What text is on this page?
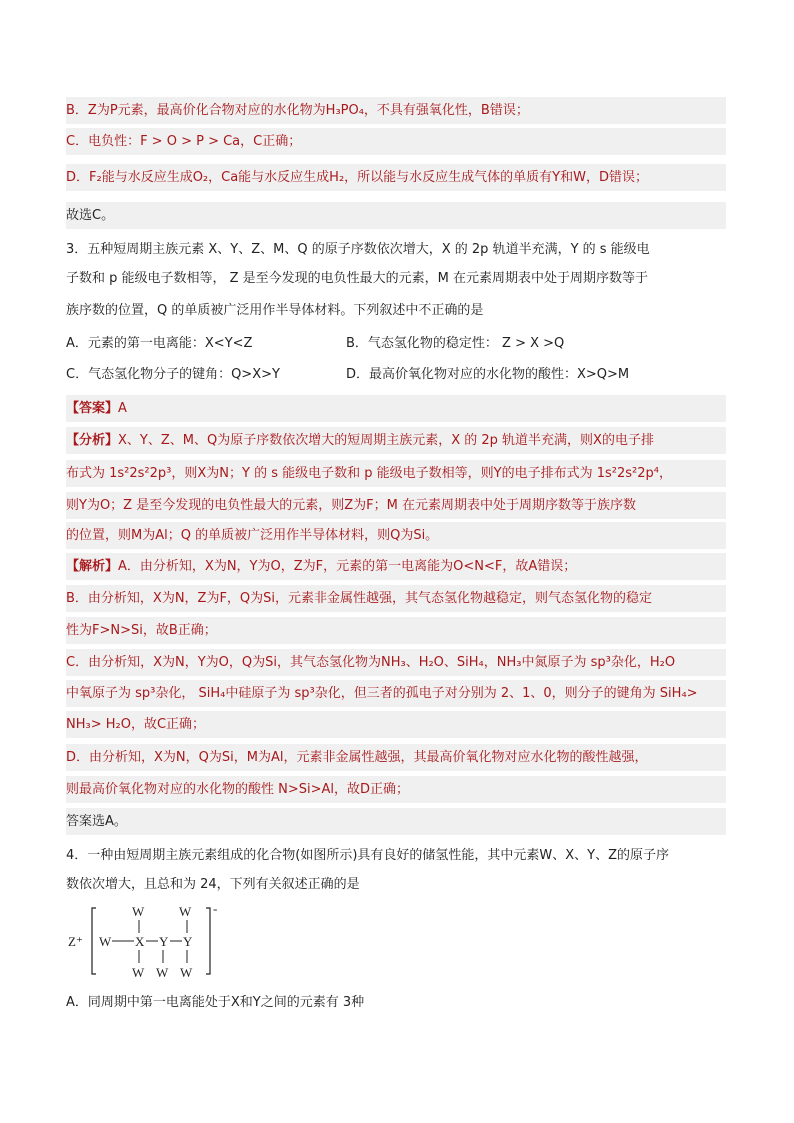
B．Z为P元素，最高价化合物对应的水化物为H₃PO₄，不具有强氧化性，B错误；
C．电负性：F > O > P > Ca，C正确；
D．F₂能与水反应生成O₂，Ca能与水反应生成H₂，所以能与水反应生成气体的单质有Y和W，D错误；
故选C。
3．五种短周期主族元素 X、Y、Z、M、Q 的原子序数依次增大，X 的 2p 轨道半充满，Y 的 s 能级电
子数和 p 能级电子数相等， Z 是至今发现的电负性最大的元素，M 在元素周期表中处于周期序数等于
族序数的位置，Q 的单质被广泛用作半导体材料。下列叙述中不正确的是
A．元素的第一电离能：X<Y<Z	B．气态氢化物的稳定性： Z > X >Q
C．气态氢化物分子的键角：Q>X>Y	D．最高价氧化物对应的水化物的酸性：X>Q>M
【答案】A
【分析】X、Y、Z、M、Q为原子序数依次增大的短周期主族元素，X 的 2p 轨道半充满，则X的电子排
布式为 1s²2s²2p³，则X为N；Y 的 s 能级电子数和 p 能级电子数相等，则Y的电子排布式为 1s²2s²2p⁴，
则Y为O；Z 是至今发现的电负性最大的元素，则Z为F；M 在元素周期表中处于周期序数等于族序数
的位置，则M为Al；Q 的单质被广泛用作半导体材料，则Q为Si。
【解析】A．由分析知，X为N，Y为O，Z为F，元素的第一电离能为O<N<F，故A错误；
B．由分析知，X为N，Z为F，Q为Si，元素非金属性越强，其气态氢化物越稳定，则气态氢化物的稳定
性为F>N>Si，故B正确；
C．由分析知，X为N，Y为O，Q为Si，其气态氢化物为NH₃、H₂O、SiH₄，NH₃中氮原子为 sp³杂化，H₂O
中氧原子为 sp³杂化， SiH₄中硅原子为 sp³杂化，但三者的孤电子对分别为 2、1、0，则分子的键角为 SiH₄>
NH₃> H₂O，故C正确；
D．由分析知，X为N，Q为Si，M为Al，元素非金属性越强，其最高价氧化物对应水化物的酸性越强，
则最高价氧化物对应的水化物的酸性 N>Si>Al，故D正确；
答案选A。
4．一种由短周期主族元素组成的化合物(如图所示)具有良好的储氢性能，其中元素W、X、Y、Z的原子序
数依次增大，且总和为 24，下列有关叙述正确的是
Z⁺
-
W	W
W X Y Y
W W W
A．同周期中第一电离能处于X和Y之间的元素有 3种
